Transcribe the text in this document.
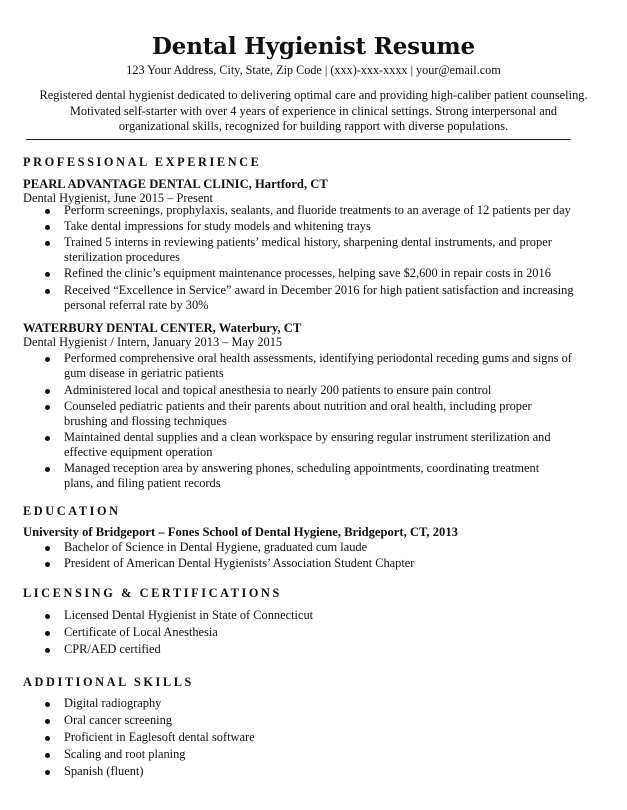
Dental Hygienist Resume
123 Your Address, City, State, Zip Code | (xxx)-xxx-xxxx | your@email.com
Registered dental hygienist dedicated to delivering optimal care and providing high-caliber patient counseling.
Motivated self-starter with over 4 years of experience in clinical settings. Strong interpersonal and
organizational skills, recognized for building rapport with diverse populations.
PROFESSIONAL EXPERIENCE
PEARL ADVANTAGE DENTAL CLINIC, Hartford, CT
Dental Hygienist, June 2015 – Present
Perform screenings, prophylaxis, sealants, and fluoride treatments to an average of 12 patients per day
Take dental impressions for study models and whitening trays
Trained 5 interns in reviewing patients’ medical history, sharpening dental instruments, and proper
sterilization procedures
Refined the clinic’s equipment maintenance processes, helping save $2,600 in repair costs in 2016
Received “Excellence in Service” award in December 2016 for high patient satisfaction and increasing
personal referral rate by 30%
WATERBURY DENTAL CENTER, Waterbury, CT
Dental Hygienist / Intern, January 2013 – May 2015
Performed comprehensive oral health assessments, identifying periodontal receding gums and signs of
gum disease in geriatric patients
Administered local and topical anesthesia to nearly 200 patients to ensure pain control
Counseled pediatric patients and their parents about nutrition and oral health, including proper
brushing and flossing techniques
Maintained dental supplies and a clean workspace by ensuring regular instrument sterilization and
effective equipment operation
Managed reception area by answering phones, scheduling appointments, coordinating treatment
plans, and filing patient records
EDUCATION
University of Bridgeport – Fones School of Dental Hygiene, Bridgeport, CT, 2013
Bachelor of Science in Dental Hygiene, graduated cum laude
President of American Dental Hygienists’ Association Student Chapter
LICENSING & CERTIFICATIONS
Licensed Dental Hygienist in State of Connecticut
Certificate of Local Anesthesia
CPR/AED certified
ADDITIONAL SKILLS
Digital radiography
Oral cancer screening
Proficient in Eaglesoft dental software
Scaling and root planing
Spanish (fluent)
